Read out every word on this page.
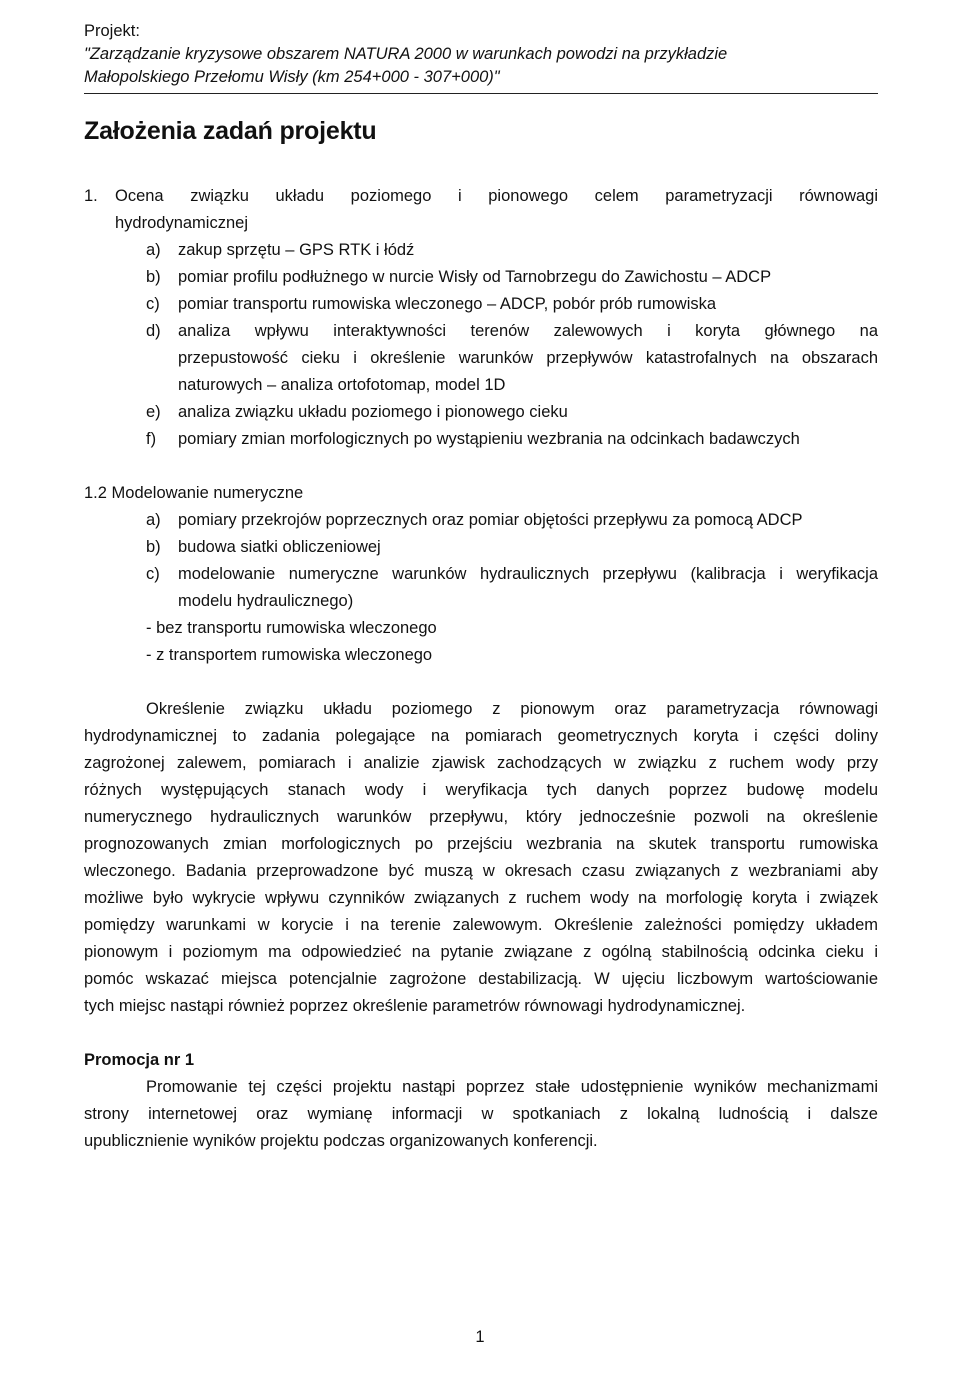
Projekt:
"Zarządzanie kryzysowe obszarem NATURA 2000 w warunkach powodzi na przykładzie
Małopolskiego Przełomu Wisły (km 254+000 - 307+000)"
Założenia zadań projektu
1. Ocena związku układu poziomego i pionowego celem parametryzacji równowagi
hydrodynamicznej
a) zakup sprzętu – GPS RTK i łódź
b) pomiar profilu podłużnego w nurcie Wisły od Tarnobrzegu do Zawichostu – ADCP
c) pomiar transportu rumowiska wleczonego – ADCP, pobór prób rumowiska
d) analiza wpływu interaktywności terenów zalewowych i koryta głównego na
przepustowość cieku i określenie warunków przepływów katastrofalnych na obszarach
naturowych – analiza ortofotomap, model 1D
e) analiza związku układu poziomego i pionowego cieku
f) pomiary zmian morfologicznych po wystąpieniu wezbrania na odcinkach badawczych
1.2 Modelowanie numeryczne
a) pomiary przekrojów poprzecznych oraz pomiar objętości przepływu za pomocą ADCP
b) budowa siatki obliczeniowej
c) modelowanie numeryczne warunków hydraulicznych przepływu (kalibracja i weryfikacja
modelu hydraulicznego)
- bez transportu rumowiska wleczonego
- z transportem rumowiska wleczonego
Określenie związku układu poziomego z pionowym oraz parametryzacja równowagi
hydrodynamicznej to zadania polegające na pomiarach geometrycznych koryta i części doliny
zagrożonej zalewem, pomiarach i analizie zjawisk zachodzących w związku z ruchem wody przy
różnych występujących stanach wody i weryfikacja tych danych poprzez budowę modelu
numerycznego hydraulicznych warunków przepływu, który jednocześnie pozwoli na określenie
prognozowanych zmian morfologicznych po przejściu wezbrania na skutek transportu rumowiska
wleczonego. Badania przeprowadzone być muszą w okresach czasu związanych z wezbraniami aby
możliwe było wykrycie wpływu czynników związanych z ruchem wody na morfologię koryta i związek
pomiędzy warunkami w korycie i na terenie zalewowym. Określenie zależności pomiędzy układem
pionowym i poziomym ma odpowiedzieć na pytanie związane z ogólną stabilnością odcinka cieku i
pomóc wskazać miejsca potencjalnie zagrożone destabilizacją. W ujęciu liczbowym wartościowanie
tych miejsc nastąpi również poprzez określenie parametrów równowagi hydrodynamicznej.
Promocja nr 1
Promowanie tej części projektu nastąpi poprzez stałe udostępnienie wyników mechanizmami
strony internetowej oraz wymianę informacji w spotkaniach z lokalną ludnością i dalsze
upublicznienie wyników projektu podczas organizowanych konferencji.
1
